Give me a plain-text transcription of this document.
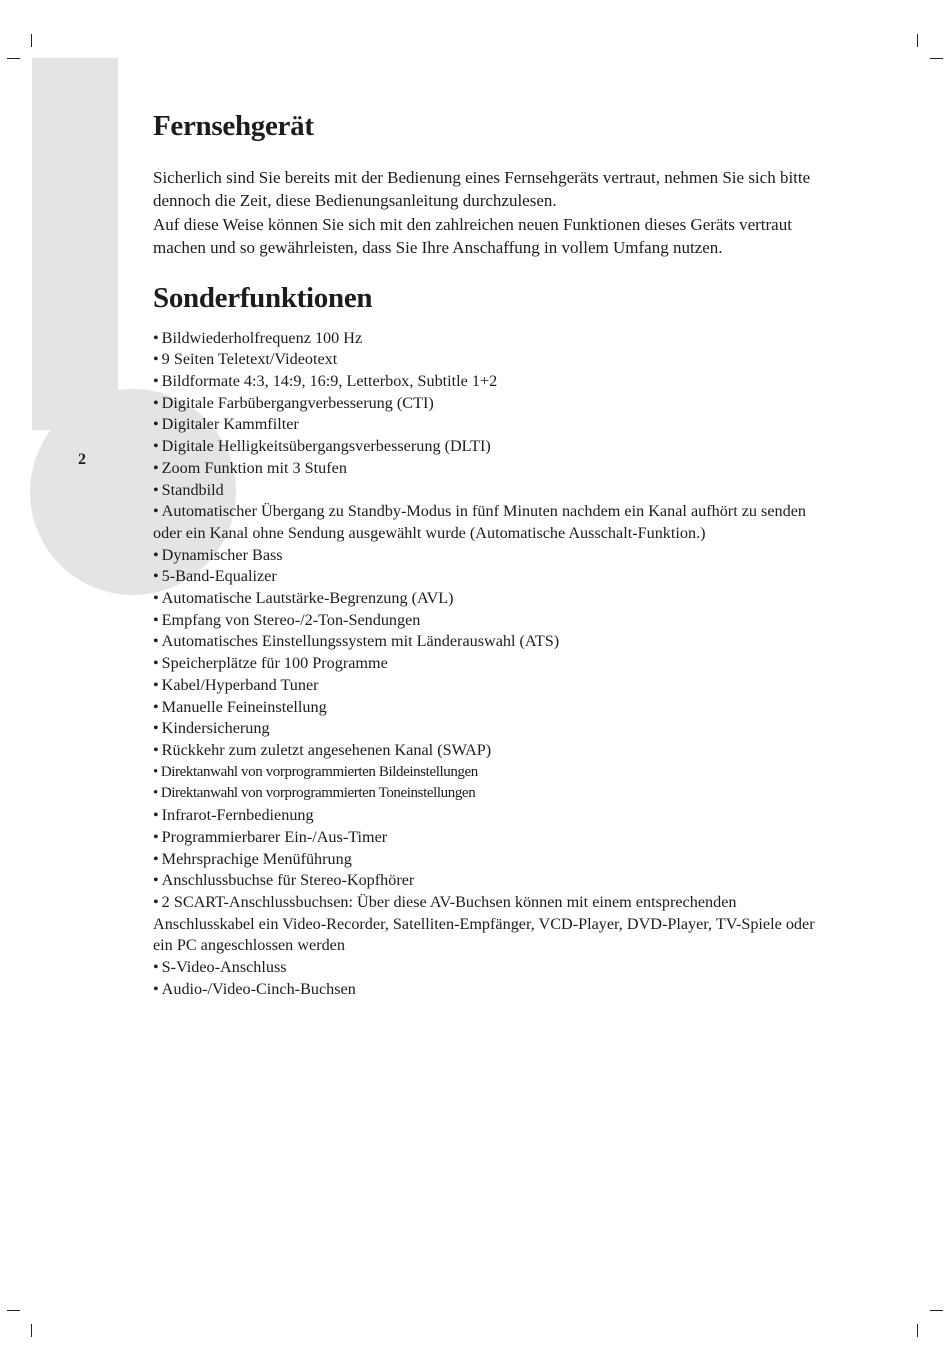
2
Fernsehgerät

Sicherlich sind Sie bereits mit der Bedienung eines Fernsehgeräts vertraut, nehmen Sie sich bitte dennoch die Zeit, diese Bedienungsanleitung durchzulesen.

Auf diese Weise können Sie sich mit den zahlreichen neuen Funktionen dieses Geräts vertraut machen und so gewährleisten, dass Sie Ihre Anschaffung in vollem Umfang nutzen.

Sonderfunktionen
• Bildwiederholfrequenz 100 Hz
• 9 Seiten Teletext/Videotext
• Bildformate 4:3, 14:9, 16:9, Letterbox, Subtitle 1+2
• Digitale Farbübergangverbesserung (CTI)
• Digitaler Kammfilter
• Digitale Helligkeitsübergangsverbesserung (DLTI)
• Zoom Funktion mit 3 Stufen
• Standbild
• Automatischer Übergang zu Standby-Modus in fünf Minuten nachdem ein Kanal aufhört zu senden oder ein Kanal ohne Sendung ausgewählt wurde (Automatische Ausschalt-Funktion.)
• Dynamischer Bass
• 5-Band-Equalizer
• Automatische Lautstärke-Begrenzung (AVL)
• Empfang von Stereo-/2-Ton-Sendungen
• Automatisches Einstellungssystem mit Länderauswahl (ATS)
• Speicherplätze für 100 Programme
• Kabel/Hyperband Tuner
• Manuelle Feineinstellung
• Kindersicherung
• Rückkehr zum zuletzt angesehenen Kanal (SWAP)
• Direktanwahl von vorprogrammierten Bildeinstellungen
• Direktanwahl von vorprogrammierten Toneinstellungen
• Infrarot-Fernbedienung
• Programmierbarer Ein-/Aus-Timer
• Mehrsprachige Menüführung
• Anschlussbuchse für Stereo-Kopfhörer
• 2 SCART-Anschlussbuchsen: Über diese AV-Buchsen können mit einem entsprechenden Anschlusskabel ein Video-Recorder, Satelliten-Empfänger, VCD-Player, DVD-Player, TV-Spiele oder ein PC angeschlossen werden
• S-Video-Anschluss
• Audio-/Video-Cinch-Buchsen
